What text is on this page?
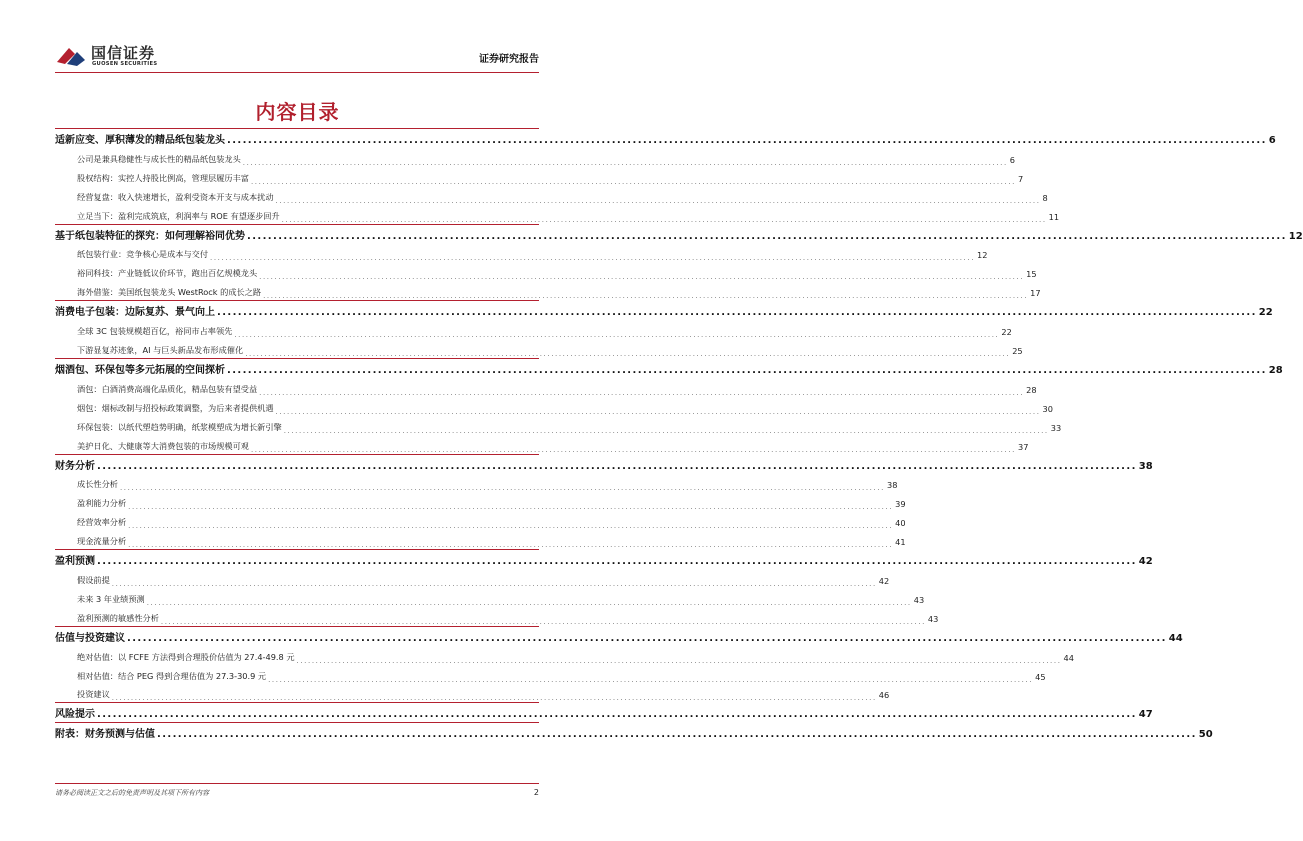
国信证券
GUOSEN SECURITIES	证券研究报告
内容目录
适新应变、厚积薄发的精品纸包装龙头 ........................................................................................................................................................................................................ 6
公司是兼具稳健性与成长性的精品纸包装龙头 ........................................................................................................................................................................................................ 6
股权结构：实控人持股比例高，管理层履历丰富 ........................................................................................................................................................................................................ 7
经营复盘：收入快速增长，盈利受资本开支与成本扰动 ........................................................................................................................................................................................................ 8
立足当下：盈利完成筑底，利润率与 ROE 有望逐步回升 ........................................................................................................................................................................................................ 11
基于纸包装特征的探究：如何理解裕同优势 ........................................................................................................................................................................................................ 12
纸包装行业：竞争核心是成本与交付 ........................................................................................................................................................................................................ 12
裕同科技：产业链低议价环节，跑出百亿规模龙头 ........................................................................................................................................................................................................ 15
海外借鉴：美国纸包装龙头 WestRock 的成长之路 ........................................................................................................................................................................................................ 17
消费电子包装：边际复苏、景气向上 ........................................................................................................................................................................................................ 22
全球 3C 包装规模超百亿，裕同市占率领先 ........................................................................................................................................................................................................ 22
下游显复苏迹象，AI 与巨头新品发布形成催化 ........................................................................................................................................................................................................ 25
烟酒包、环保包等多元拓展的空间探析 ........................................................................................................................................................................................................ 28
酒包：白酒消费高端化品质化，精品包装有望受益 ........................................................................................................................................................................................................ 28
烟包：烟标改制与招投标政策调整，为后来者提供机遇 ........................................................................................................................................................................................................ 30
环保包装：以纸代塑趋势明确，纸浆模塑成为增长新引擎 ........................................................................................................................................................................................................ 33
美护日化、大健康等大消费包装的市场规模可观 ........................................................................................................................................................................................................ 37
财务分析 ........................................................................................................................................................................................................ 38
成长性分析 ........................................................................................................................................................................................................ 38
盈利能力分析 ........................................................................................................................................................................................................ 39
经营效率分析 ........................................................................................................................................................................................................ 40
现金流量分析 ........................................................................................................................................................................................................ 41
盈利预测 ........................................................................................................................................................................................................ 42
假设前提 ........................................................................................................................................................................................................ 42
未来 3 年业绩预测 ........................................................................................................................................................................................................ 43
盈利预测的敏感性分析 ........................................................................................................................................................................................................ 43
估值与投资建议 ........................................................................................................................................................................................................ 44
绝对估值：以 FCFE 方法得到合理股价估值为 27.4-49.8 元 ........................................................................................................................................................................................................ 44
相对估值：结合 PEG 得到合理估值为 27.3-30.9 元 ........................................................................................................................................................................................................ 45
投资建议 ........................................................................................................................................................................................................ 46
风险提示 ........................................................................................................................................................................................................ 47
附表：财务预测与估值 ........................................................................................................................................................................................................ 50
请务必阅读正文之后的免责声明及其项下所有内容	2
